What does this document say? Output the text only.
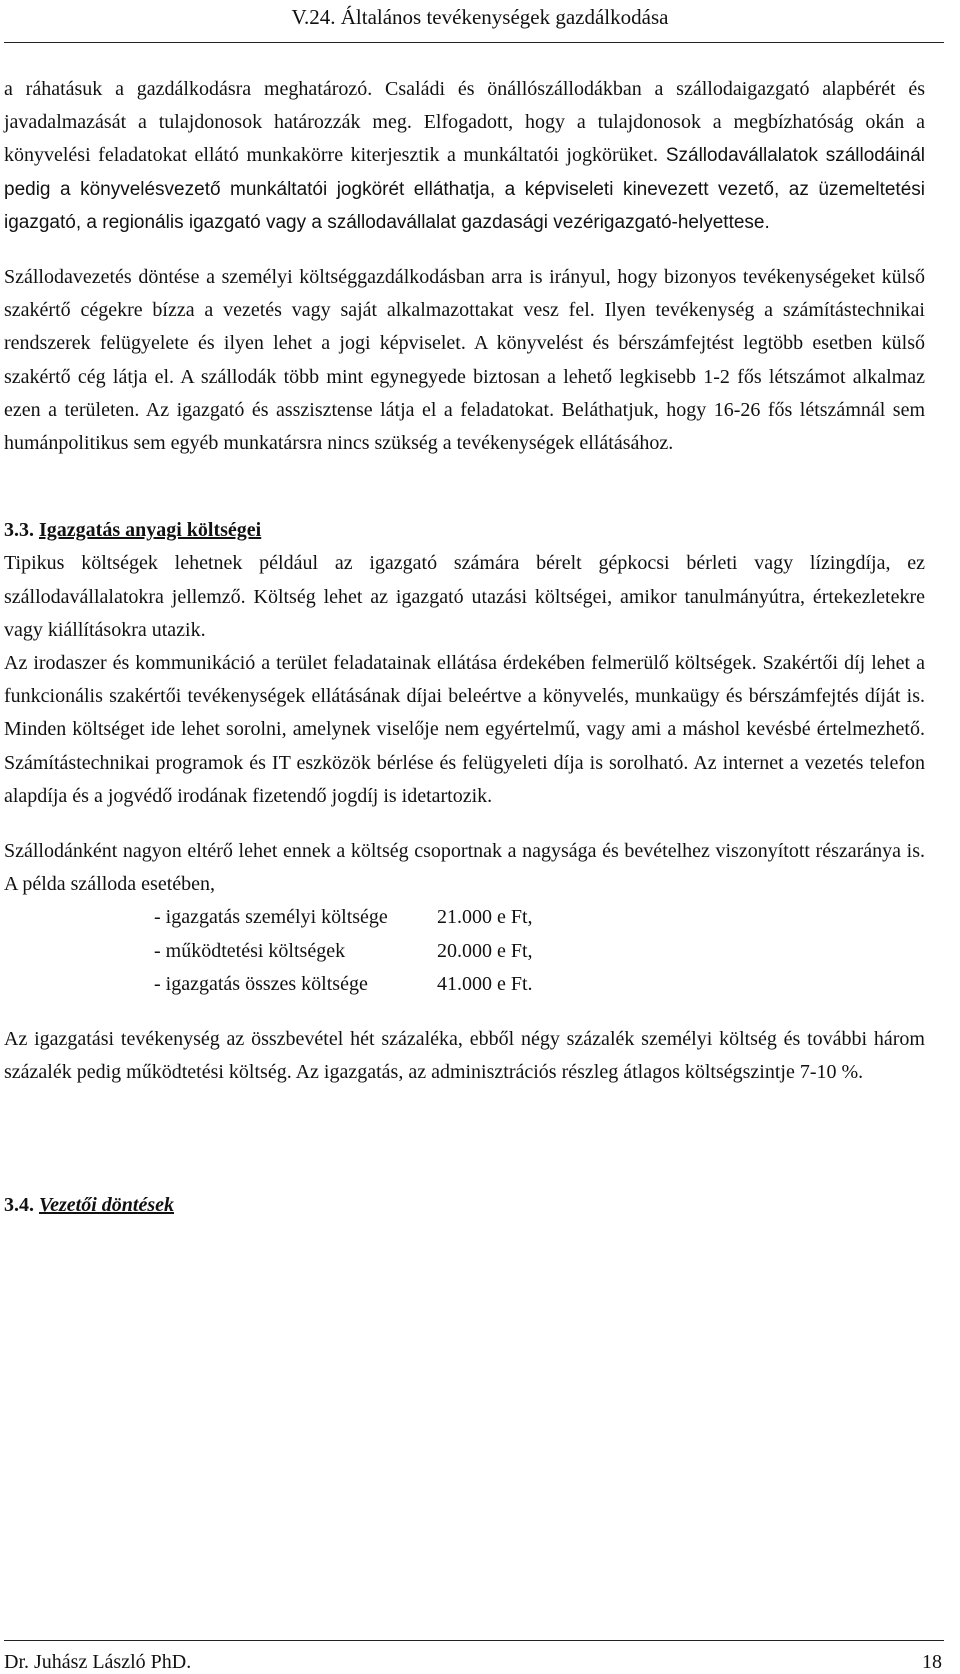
V.24. Általános tevékenységek gazdálkodása

a ráhatásuk a gazdálkodásra meghatározó. Családi és önállószállodákban a szállodaigazgató alapbérét és javadalmazását a tulajdonosok határozzák meg. Elfogadott, hogy a tulajdonosok a megbízhatóság okán a könyvelési feladatokat ellátó munkakörre kiterjesztik a munkáltatói jogkörüket. Szállodavállalatok szállodáinál pedig a könyvelésvezető munkáltatói jogkörét elláthatja, a képviseleti kinevezett vezető, az üzemeltetési igazgató, a regionális igazgató vagy a szállodavállalat gazdasági vezérigazgató-helyettese.

Szállodavezetés döntése a személyi költséggazdálkodásban arra is irányul, hogy bizonyos tevékenységeket külső szakértő cégekre bízza a vezetés vagy saját alkalmazottakat vesz fel. Ilyen tevékenység a számítástechnikai rendszerek felügyelete és ilyen lehet a jogi képviselet. A könyvelést és bérszámfejtést legtöbb esetben külső szakértő cég látja el. A szállodák több mint egynegyede biztosan a lehető legkisebb 1-2 fős létszámot alkalmaz ezen a területen. Az igazgató és asszisztense látja el a feladatokat. Beláthatjuk, hogy 16-26 fős létszámnál sem humánpolitikus sem egyéb munkatársra nincs szükség a tevékenységek ellátásához.

3.3. Igazgatás anyagi költségei

Tipikus költségek lehetnek például az igazgató számára bérelt gépkocsi bérleti vagy lízingdíja, ez szállodavállalatokra jellemző. Költség lehet az igazgató utazási költségei, amikor tanulmányútra, értekezletekre vagy kiállításokra utazik.

Az irodaszer és kommunikáció a terület feladatainak ellátása érdekében felmerülő költségek. Szakértői díj lehet a funkcionális szakértői tevékenységek ellátásának díjai beleértve a könyvelés, munkaügy és bérszámfejtés díját is. Minden költséget ide lehet sorolni, amelynek viselője nem egyértelmű, vagy ami a máshol kevésbé értelmezhető. Számítástechnikai programok és IT eszközök bérlése és felügyeleti díja is sorolható. Az internet a vezetés telefon alapdíja és a jogvédő irodának fizetendő jogdíj is idetartozik.

Szállodánként nagyon eltérő lehet ennek a költség csoportnak a nagysága és bevételhez viszonyított részaránya is. A példa szálloda esetében,

- igazgatás személyi költsége	21.000 e Ft,
- működtetési költségek	20.000 e Ft,
- igazgatás összes költsége	41.000 e Ft.

Az igazgatási tevékenység az összbevétel hét százaléka, ebből négy százalék személyi költség és további három százalék pedig működtetési költség. Az igazgatás, az adminisztrációs részleg átlagos költségszintje 7-10 %.

3.4. Vezetői döntések
Dr. Juhász László PhD.	18
